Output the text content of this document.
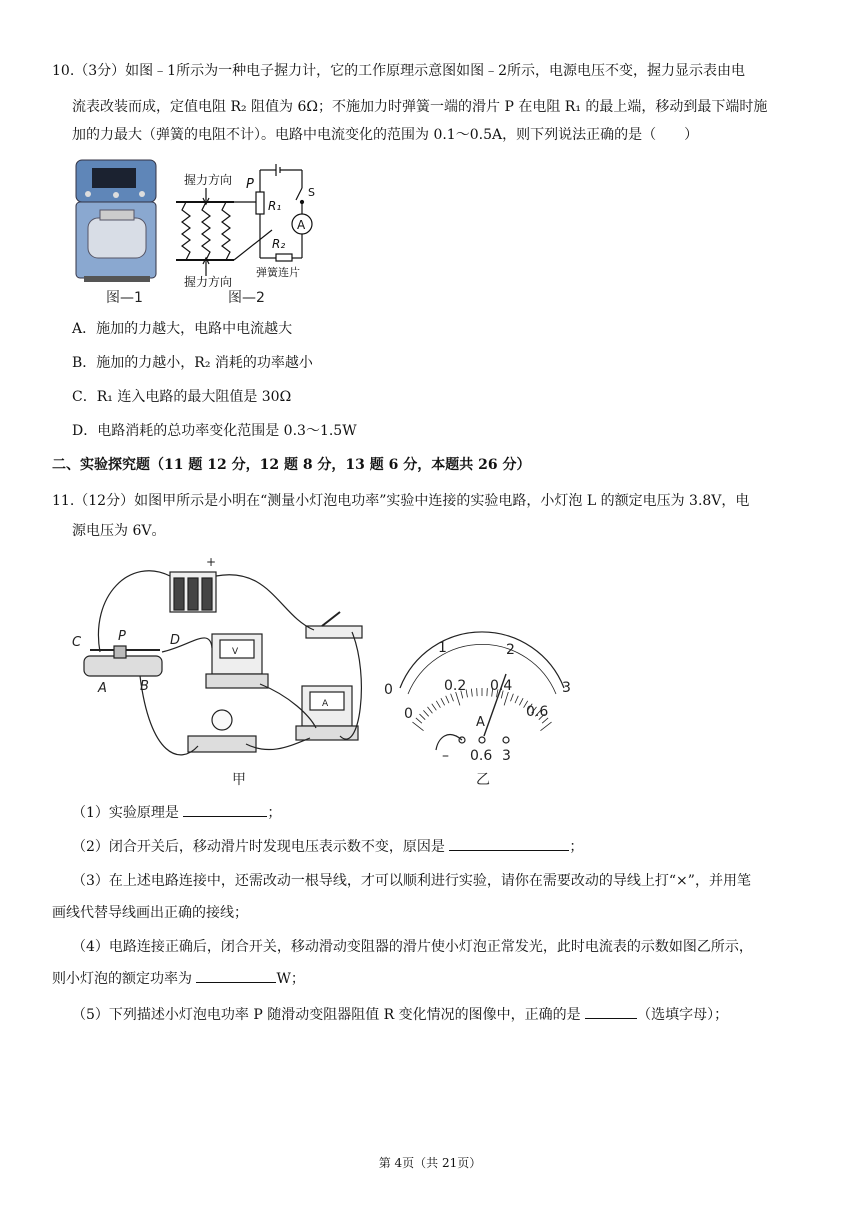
10.（3分）如图﹣1所示为一种电子握力计，它的工作原理示意图如图﹣2所示，电源电压不变，握力显示表由电
流表改装而成，定值电阻 R₂ 阻值为 6Ω；不施加力时弹簧一端的滑片 P 在电阻 R₁ 的最上端，移动到最下端时施
加的力最大（弹簧的电阻不计）。电路中电流变化的范围为 0.1～0.5A，则下列说法正确的是（　　）
图—1
握力方向
握力方向
P
R₁
S
A
R₂
弹簧连片
图—2
A．施加的力越大，电路中电流越大
B．施加的力越小，R₂ 消耗的功率越小
C．R₁ 连入电路的最大阻值是 30Ω
D．电路消耗的总功率变化范围是 0.3～1.5W
二、实验探究题（11 题 12 分，12 题 8 分，13 题 6 分，本题共 26 分）
11.（12分）如图甲所示是小明在“测量小灯泡电功率”实验中连接的实验电路，小灯泡 L 的额定电压为 3.8V，电
源电压为 6V。
+
C	P	D
A	B
V
A
甲
0
1	2
3
0
0.2 0.4
0.6
A
– 0.6 3
乙
（1）实验原理是	；
（2）闭合开关后，移动滑片时发现电压表示数不变，原因是	；
（3）在上述电路连接中，还需改动一根导线，才可以顺利进行实验，请你在需要改动的导线上打“×”，并用笔
画线代替导线画出正确的接线；
（4）电路连接正确后，闭合开关，移动滑动变阻器的滑片使小灯泡正常发光，此时电流表的示数如图乙所示，
则小灯泡的额定功率为	W；
（5）下列描述小灯泡电功率 P 随滑动变阻器阻值 R 变化情况的图像中，正确的是	（选填字母）；
第 4页（共 21页）
